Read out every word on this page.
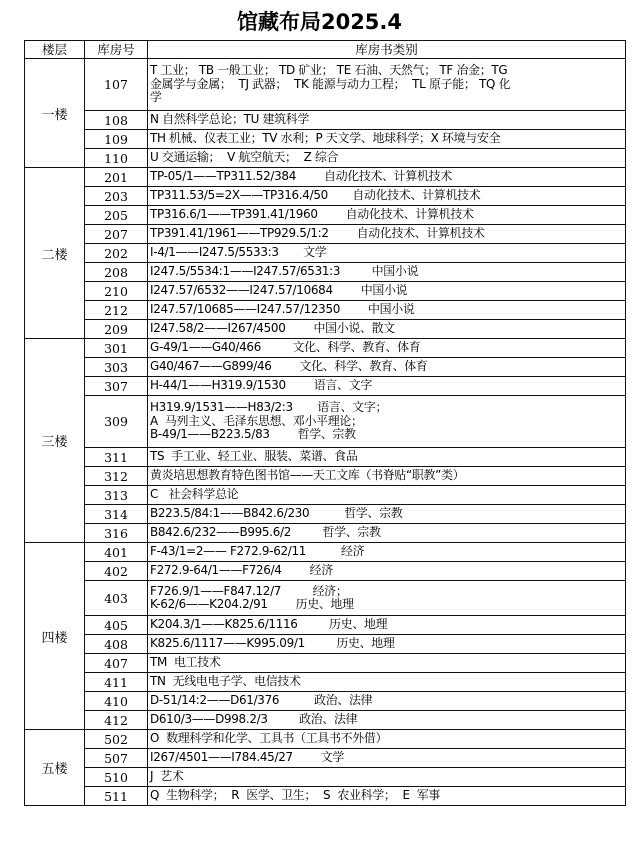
馆藏布局2025.4
楼层	库房号	库房书类别
一楼	107	T 工业； TB 一般工业； TD 矿业； TE 石油、天然气； TF 冶金；TG
金属学与金属；  TJ 武器；  TK 能源与动力工程；  TL 原子能； TQ 化
学

	108	N 自然科学总论；TU 建筑科学

	109	TH 机械、仪表工业；TV 水利；P 天文学、地球科学；X 环境与安全

	110	U 交通运输；  V 航空航天；  Z 综合

二楼	201	TP-05/1——TP311.52/384        自动化技术、计算机技术

	203	TP311.53/5=2X——TP316.4/50       自动化技术、计算机技术

	205	TP316.6/1——TP391.41/1960        自动化技术、计算机技术

	207	TP391.41/1961——TP929.5/1:2        自动化技术、计算机技术

	202	I-4/1——I247.5/5533:3       文学

	208	I247.5/5534:1——I247.57/6531:3         中国小说

	210	I247.57/6532——I247.57/10684        中国小说

	212	I247.57/10685——I247.57/12350        中国小说

	209	I247.58/2——I267/4500        中国小说、散文

三楼	301	G-49/1——G40/466         文化、科学、教育、体育

	303	G40/467——G899/46        文化、科学、教育、体育

	307	H-44/1——H319.9/1530        语言、文字

	309	H319.9/1531——H83/2:3       语言、文字；
A  马列主义、毛泽东思想、邓小平理论；
B-49/1——B223.5/83        哲学、宗教

	311	TS  手工业、轻工业、服装、菜谱、食品

	312	黄炎培思想教育特色图书馆——天工文库（书脊贴“职教”类）

	313	C   社会科学总论

	314	B223.5/84:1——B842.6/230          哲学、宗教

	316	B842.6/232——B995.6/2         哲学、宗教

四楼	401	F-43/1=2—— F272.9-62/11          经济

	402	F272.9-64/1——F726/4        经济

	403	F726.9/1——F847.12/7         经济；
K-62/6——K204.2/91        历史、地理

	405	K204.3/1——K825.6/1116         历史、地理

	408	K825.6/1117——K995.09/1         历史、地理

	407	TM  电工技术

	411	TN  无线电电子学、电信技术

	410	D-51/14:2——D61/376          政治、法律

	412	D610/3——D998.2/3         政治、法律

五楼	502	O  数理科学和化学、工具书（工具书不外借）

	507	I267/4501——I784.45/27        文学

	510	J  艺术

	511	Q  生物科学；  R  医学、卫生；  S  农业科学；  E  军事
